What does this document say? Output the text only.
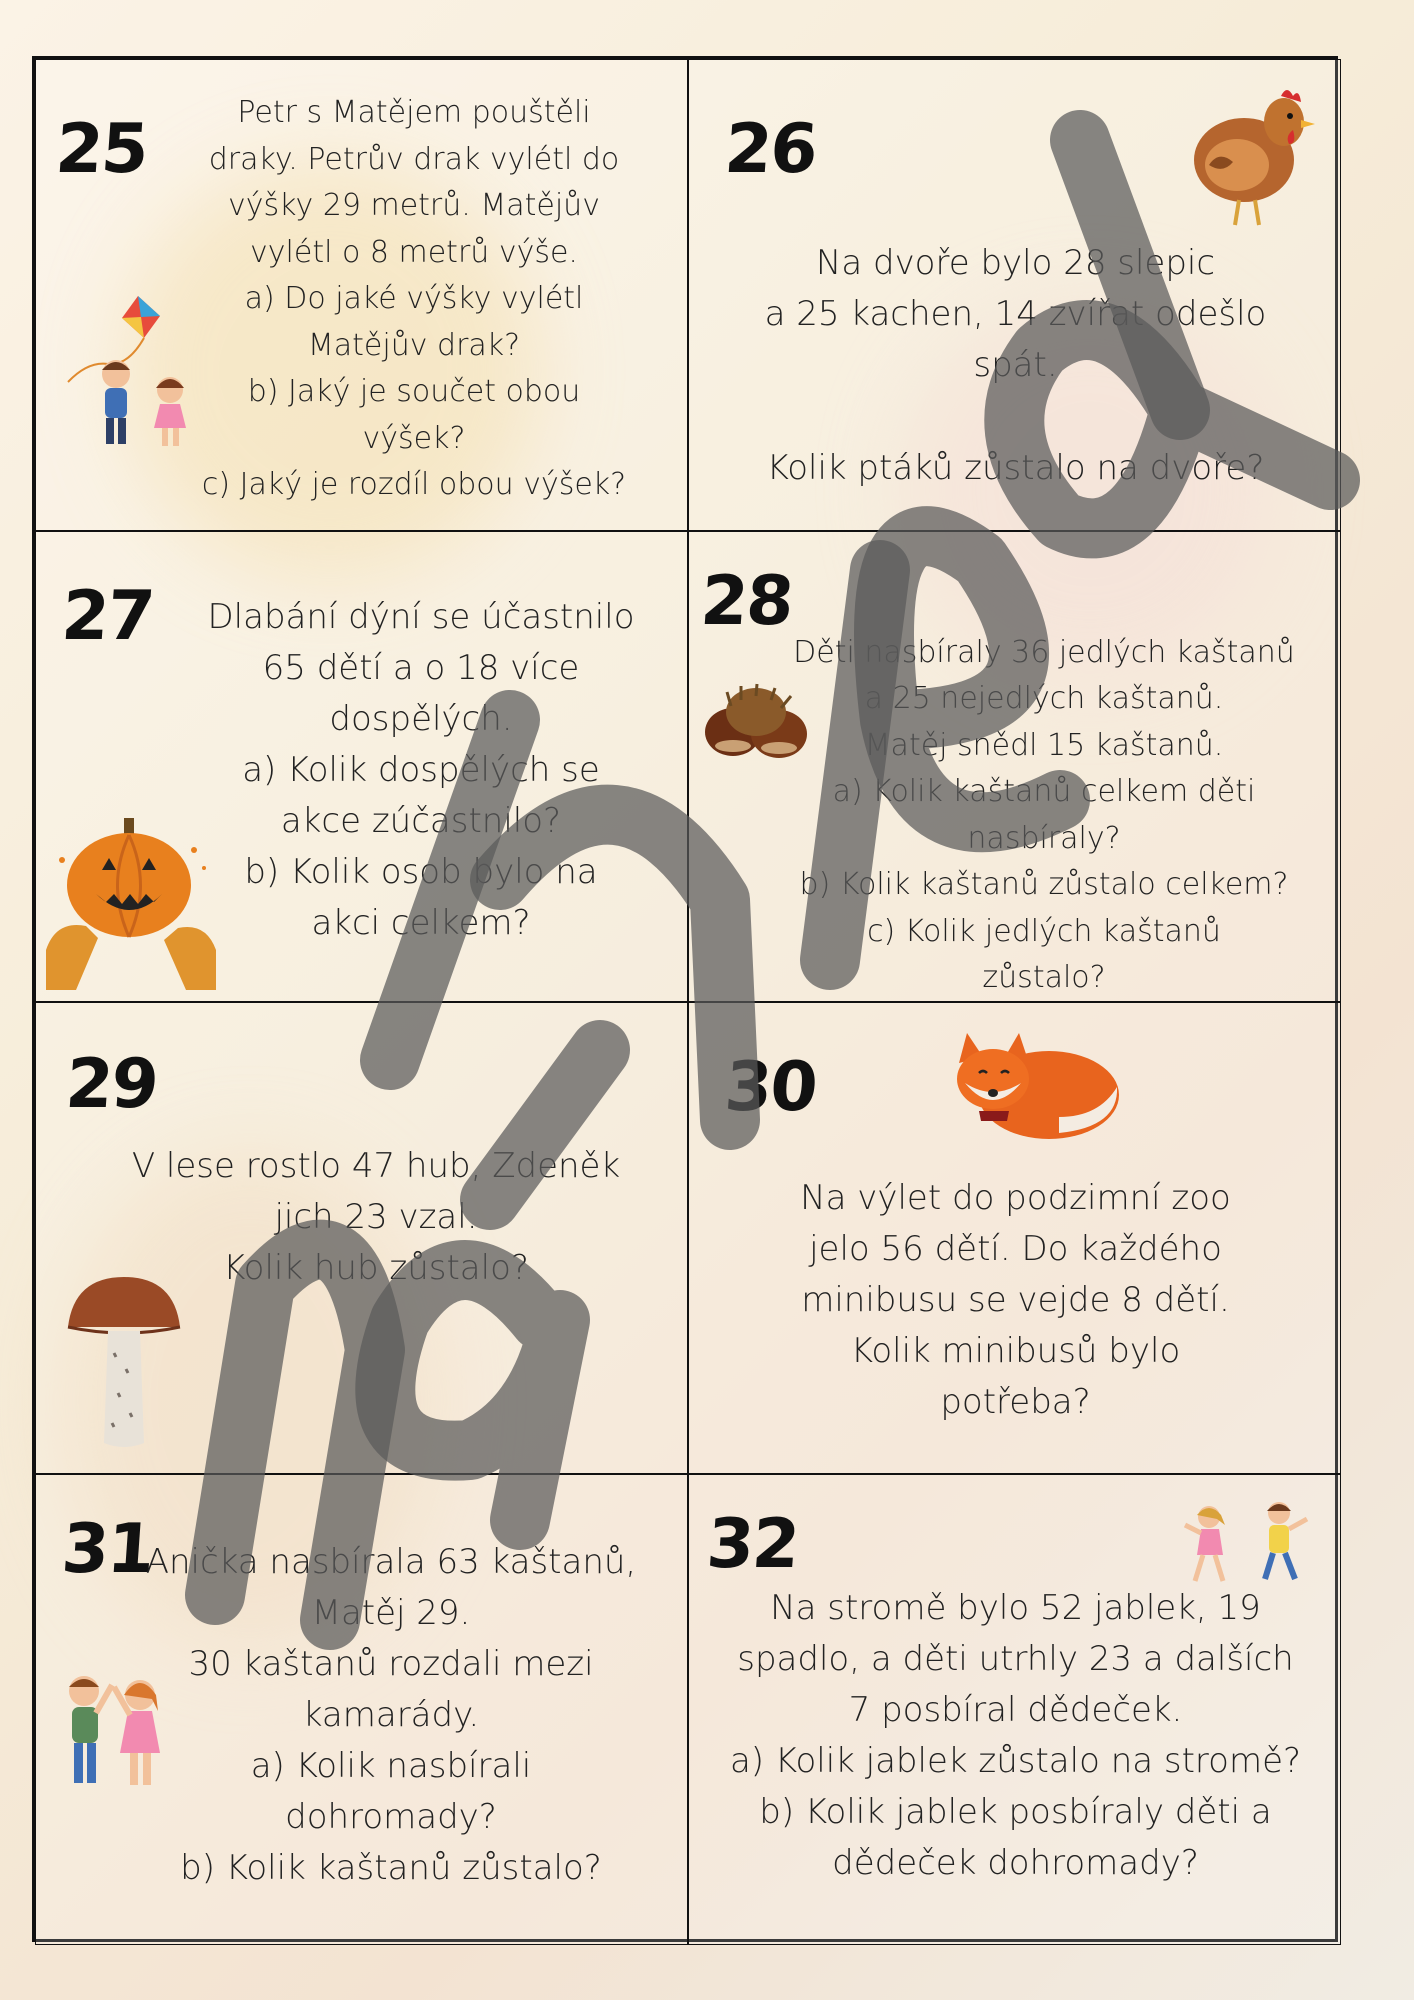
25	Petr s Matějem pouštěli

draky. Petrův drak vylétl do

výšky 29 metrů. Matějův

vylétl o 8 metrů výše.

a) Do jaké výšky vylétl

Matějův drak?

b) Jaký je součet obou

výšek?

c) Jaký je rozdíl obou výšek?

26

Na dvoře bylo 28 slepic

a 25 kachen, 14 zvířat odešlo

spát.

Kolik ptáků zůstalo na dvoře?

27	Dlabání dýní se účastnilo

65 dětí a o 18 více

dospělých.

a) Kolik dospělých se

akce zúčastnilo?

b) Kolik osob bylo na

akci celkem?

28

Děti nasbíraly 36 jedlých kaštanů

a 25 nejedlých kaštanů.

Matěj snědl 15 kaštanů.

a) Kolik kaštanů celkem děti

nasbíraly?

b) Kolik kaštanů zůstalo celkem?

c) Kolik jedlých kaštanů

zůstalo?

29

V lese rostlo 47 hub, Zdeněk

jich 23 vzal.

Kolik hub zůstalo?

30

Na výlet do podzimní zoo

jelo 56 dětí. Do každého

minibusu se vejde 8 dětí.

Kolik minibusů bylo

potřeba?

31

Anička nasbírala 63 kaštanů,

Matěj 29.

30 kaštanů rozdali mezi

kamarády.

a) Kolik nasbírali

dohromady?

b) Kolik kaštanů zůstalo?

32

Na stromě bylo 52 jablek, 19

spadlo, a děti utrhly 23 a dalších

7 posbíral dědeček.

a) Kolik jablek zůstalo na stromě?

b) Kolik jablek posbíraly děti a

dědeček dohromady?
